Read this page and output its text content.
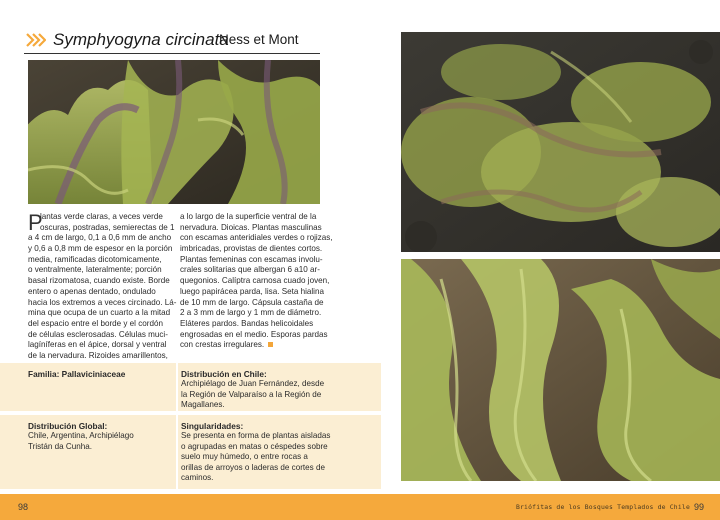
Symphyogyna circinata
Ness et Mont
P
lantas verde claras, a veces verde
oscuras, postradas, semierectas de 1
a 4 cm de largo, 0,1 a 0,6 mm de ancho
y 0,6 a 0,8 mm de espesor en la porción
media, ramificadas dicotomicamente,
o ventralmente, lateralmente; porción
basal rizomatosa, cuando existe. Borde
entero o apenas dentado, ondulado
hacia los extremos a veces circinado. Lá-
mina que ocupa de un cuarto a la mitad
del espacio entre el borde y el cordón
de células esclerosadas. Células muci-
lagíníferas en el ápice, dorsal y ventral
de la nervadura. Rizoides amarillentos,
a lo largo de la superficie ventral de la
nervadura. Dioicas. Plantas masculinas
con escamas anteridiales verdes o rojizas,
imbricadas, provistas de dientes cortos.
Plantas femeninas con escamas involu-
crales solitarias que albergan 6 a10 ar-
quegonios. Calíptra carnosa cuado joven,
luego papirácea parda, lisa. Seta hialina
de 10 mm de largo. Cápsula castaña de
2 a 3 mm de largo y 1 mm de diámetro.
Eláteres pardos. Bandas helicoidales
engrosadas en el medio. Esporas pardas
con crestas irregulares.
Familia: Pallaviciniaceae	Distribución en Chile:
Archipiélago de Juan Fernández, desde
la Región de Valparaíso a la Región de
Magallanes.
Distribución Global:
Chile, Argentina, Archipiélago
Tristán da Cunha.
Singularidades:
Se presenta en forma de plantas aisladas
o agrupadas en matas o céspedes sobre
suelo muy húmedo, o entre rocas a
orillas de arroyos o laderas de cortes de
caminos.
98	Briófitas de los Bosques Templados de Chile 99
